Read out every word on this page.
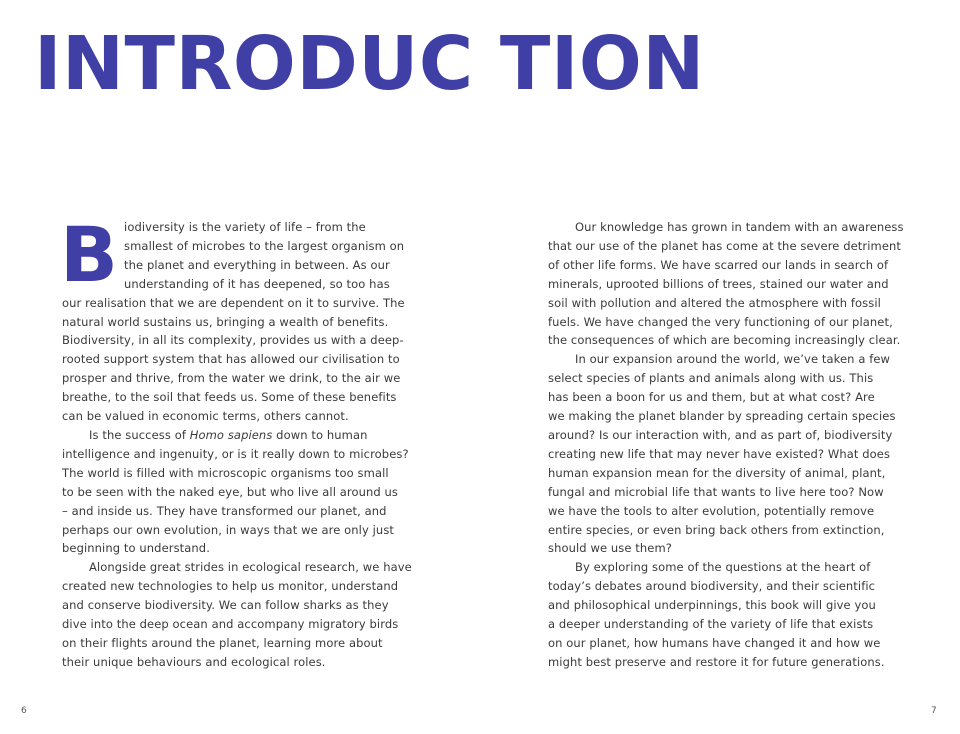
INTRODUC TION
B iodiversity is the variety of life – from the
smallest of microbes to the largest organism on
the planet and everything in between. As our
understanding of it has deepened, so too has
our realisation that we are dependent on it to survive. The
natural world sustains us, bringing a wealth of benefits.
Biodiversity, in all its complexity, provides us with a deep-
rooted support system that has allowed our civilisation to
prosper and thrive, from the water we drink, to the air we
breathe, to the soil that feeds us. Some of these benefits
can be valued in economic terms, others cannot.
Is the success of Homo sapiens down to human
intelligence and ingenuity, or is it really down to microbes?
The world is filled with microscopic organisms too small
to be seen with the naked eye, but who live all around us
– and inside us. They have transformed our planet, and
perhaps our own evolution, in ways that we are only just
beginning to understand.
Alongside great strides in ecological research, we have
created new technologies to help us monitor, understand
and conserve biodiversity. We can follow sharks as they
dive into the deep ocean and accompany migratory birds
on their flights around the planet, learning more about
their unique behaviours and ecological roles.
Our knowledge has grown in tandem with an awareness
that our use of the planet has come at the severe detriment
of other life forms. We have scarred our lands in search of
minerals, uprooted billions of trees, stained our water and
soil with pollution and altered the atmosphere with fossil
fuels. We have changed the very functioning of our planet,
the consequences of which are becoming increasingly clear.
In our expansion around the world, we’ve taken a few
select species of plants and animals along with us. This
has been a boon for us and them, but at what cost? Are
we making the planet blander by spreading certain species
around? Is our interaction with, and as part of, biodiversity
creating new life that may never have existed? What does
human expansion mean for the diversity of animal, plant,
fungal and microbial life that wants to live here too? Now
we have the tools to alter evolution, potentially remove
entire species, or even bring back others from extinction,
should we use them?
By exploring some of the questions at the heart of
today’s debates around biodiversity, and their scientific
and philosophical underpinnings, this book will give you
a deeper understanding of the variety of life that exists
on our planet, how humans have changed it and how we
might best preserve and restore it for future generations.
6	7
